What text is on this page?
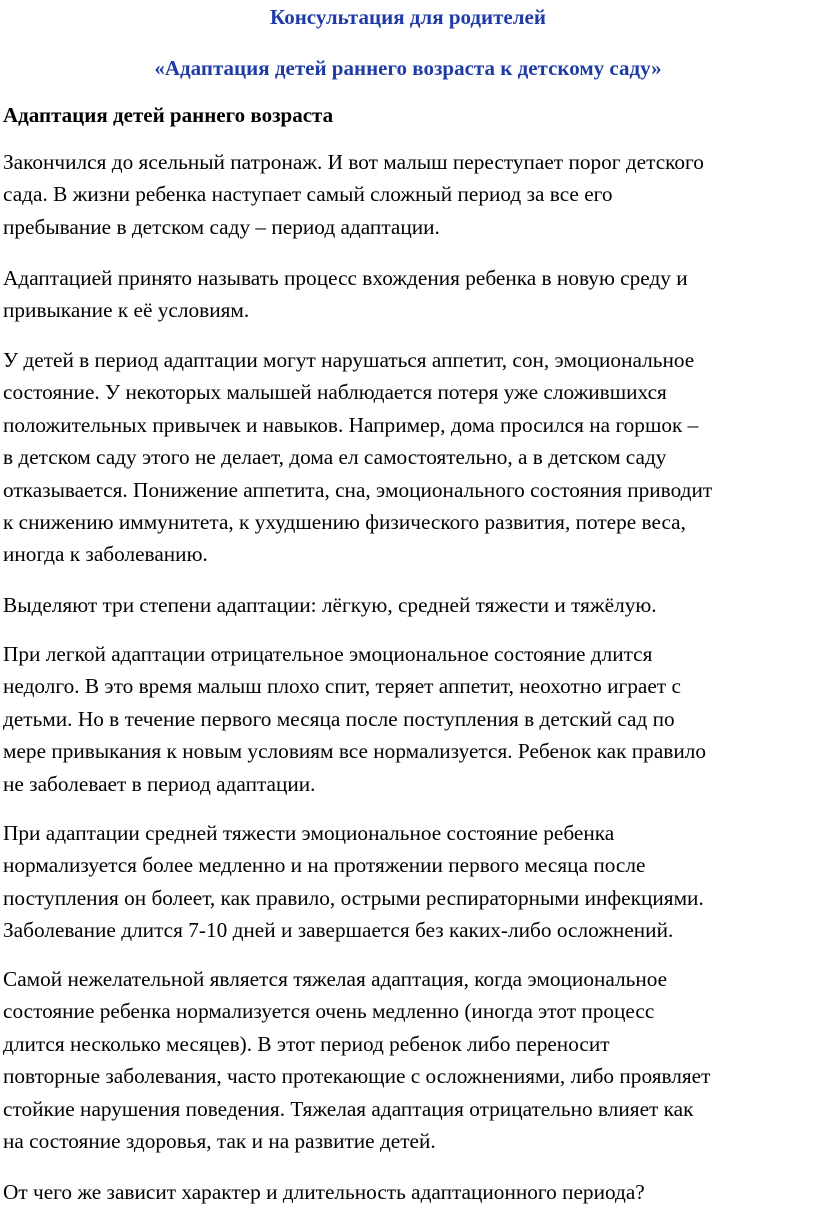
Консультация для родителей
«Адаптация детей раннего возраста к детскому саду»
Адаптация детей раннего возраста

Закончился до ясельный патронаж. И вот малыш переступает порог детского
сада. В жизни ребенка наступает самый сложный период за все его
пребывание в детском саду – период адаптации.

Адаптацией принято называть процесс вхождения ребенка в новую среду и
привыкание к её условиям.

У детей в период адаптации могут нарушаться аппетит, сон, эмоциональное
состояние. У некоторых малышей наблюдается потеря уже сложившихся
положительных привычек и навыков. Например, дома просился на горшок –
в детском саду этого не делает, дома ел самостоятельно, а в детском саду
отказывается. Понижение аппетита, сна, эмоционального состояния приводит
к снижению иммунитета, к ухудшению физического развития, потере веса,
иногда к заболеванию.

Выделяют три степени адаптации: лёгкую, средней тяжести и тяжёлую.

При легкой адаптации отрицательное эмоциональное состояние длится
недолго. В это время малыш плохо спит, теряет аппетит, неохотно играет с
детьми. Но в течение первого месяца после поступления в детский сад по
мере привыкания к новым условиям все нормализуется. Ребенок как правило
не заболевает в период адаптации.

При адаптации средней тяжести эмоциональное состояние ребенка
нормализуется более медленно и на протяжении первого месяца после
поступления он болеет, как правило, острыми респираторными инфекциями.
Заболевание длится 7-10 дней и завершается без каких-либо осложнений.

Самой нежелательной является тяжелая адаптация, когда эмоциональное
состояние ребенка нормализуется очень медленно (иногда этот процесс
длится несколько месяцев). В этот период ребенок либо переносит
повторные заболевания, часто протекающие с осложнениями, либо проявляет
стойкие нарушения поведения. Тяжелая адаптация отрицательно влияет как
на состояние здоровья, так и на развитие детей.

От чего же зависит характер и длительность адаптационного периода?
